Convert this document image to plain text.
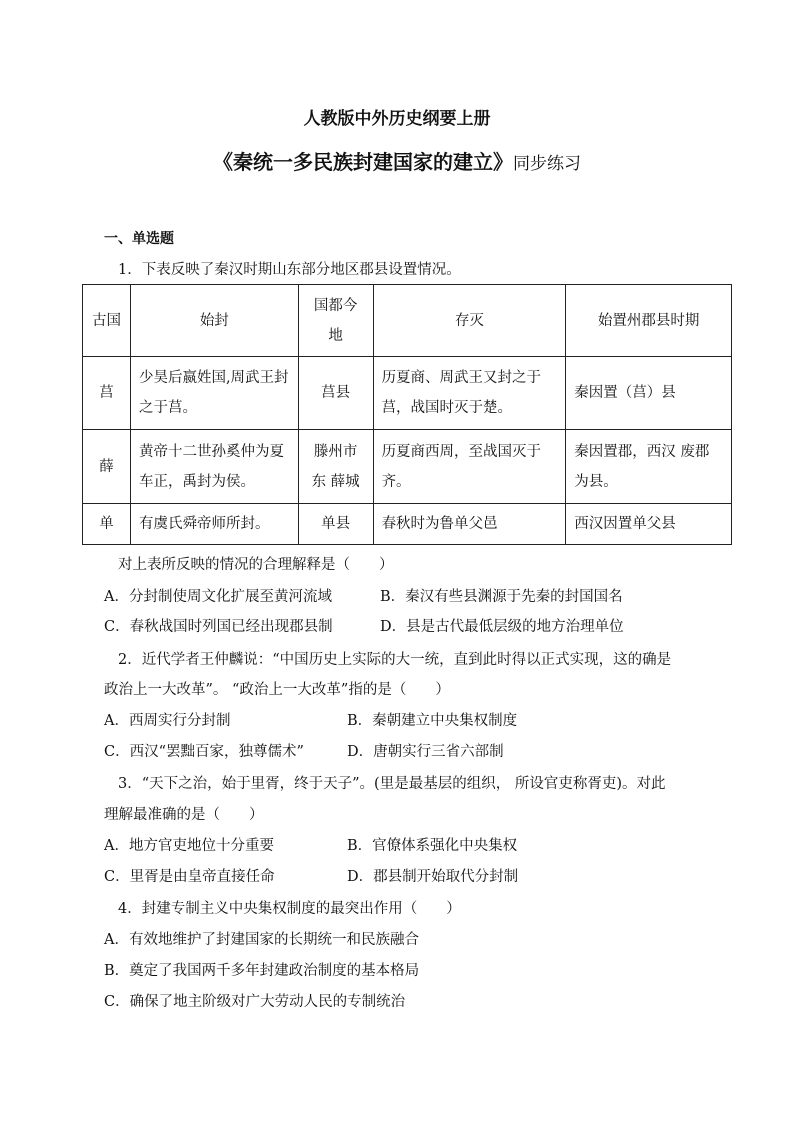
人教版中外历史纲要上册
《秦统一多民族封建国家的建立》同步练习
一、单选题
1．下表反映了秦汉时期山东部分地区郡县设置情况。
古国	始封	国都今地	存灭	始置州郡县时期
莒	少昊后嬴姓国,周武王封之于莒。	莒县	历夏商、周武王又封之于莒，战国时灭于楚。	秦因置（莒）县
薛	黄帝十二世孙奚仲为夏车正，禹封为侯。	滕州市东 薛城	历夏商西周，至战国灭于齐。	秦因置郡，西汉 废郡为县。
单	有虞氏舜帝师所封。	单县	春秋时为鲁单父邑	西汉因置单父县
对上表所反映的情况的合理解释是（　　）
A．分封制使周文化扩展至黄河流域	B．秦汉有些县渊源于先秦的封国国名
C．春秋战国时列国已经出现郡县制	D．县是古代最低层级的地方治理单位
2．近代学者王仲麟说：“中国历史上实际的大一统，直到此时得以正式实现，这的确是
政治上一大改革”。 “政治上一大改革”指的是（　　）
A．西周实行分封制	B．秦朝建立中央集权制度
C．西汉“罢黜百家，独尊儒术”	D．唐朝实行三省六部制
3．“天下之治，始于里胥，终于天子”。(里是最基层的组织， 所设官吏称胥吏)。对此
理解最准确的是（　　）
A．地方官吏地位十分重要	B．官僚体系强化中央集权
C．里胥是由皇帝直接任命	D．郡县制开始取代分封制
4．封建专制主义中央集权制度的最突出作用（　　）
A．有效地维护了封建国家的长期统一和民族融合
B．奠定了我国两千多年封建政治制度的基本格局
C．确保了地主阶级对广大劳动人民的专制统治
